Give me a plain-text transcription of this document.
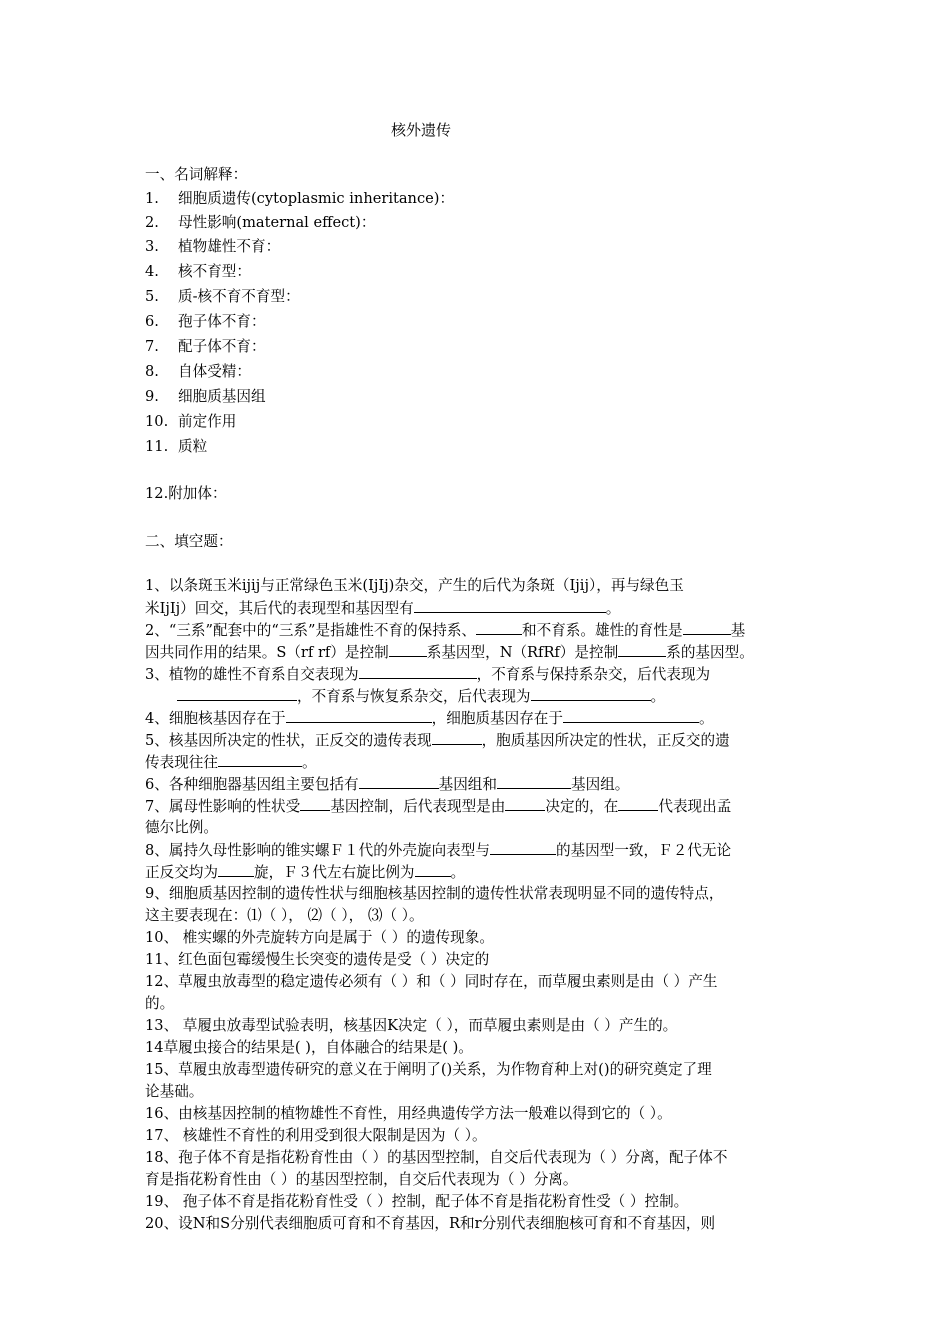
核外遗传
一、名词解释：
1. 细胞质遗传(cytoplasmic inheritance)：
2. 母性影响(maternal effect)：
3. 植物雄性不育：
4. 核不育型：
5. 质-核不育不育型：
6. 孢子体不育：
7. 配子体不育：
8. 自体受精：
9. 细胞质基因组
10. 前定作用
11. 质粒
12.附加体：
二、填空题：
1、以条斑玉米ijij与正常绿色玉米(IjIj)杂交，产生的后代为条斑（Ijij），再与绿色玉
米IjIj）回交，其后代的表现型和基因型有	。
2、“三系”配套中的“三系”是指雄性不育的保持系、	和不育系。雄性的育性是	基
因共同作用的结果。S（rf rf）是控制	系基因型，N（RfRf）是控制	系的基因型。
3、植物的雄性不育系自交表现为	，不育系与保持系杂交，后代表现为
，不育系与恢复系杂交，后代表现为	。
4、细胞核基因存在于	，细胞质基因存在于	。
5、核基因所决定的性状，正反交的遗传表现	，胞质基因所决定的性状，正反交的遗
传表现往往	。
6、各种细胞器基因组主要包括有	基因组和	基因组。
7、属母性影响的性状受 基因控制，后代表现型是由	决定的，在	代表现出孟
德尔比例。
8、属持久母性影响的锥实螺Ｆ１代的外壳旋向表型与	的基因型一致，Ｆ２代无论
正反交均为 旋，Ｆ３代左右旋比例为 。
9、细胞质基因控制的遗传性状与细胞核基因控制的遗传性状常表现明显不同的遗传特点，
这主要表现在：⑴（ ）， ⑵（ ）， ⑶（ ）。
10、 椎实螺的外壳旋转方向是属于（ ）的遗传现象。
11、红色面包霉缓慢生长突变的遗传是受（ ）决定的
12、草履虫放毒型的稳定遗传必须有（ ）和（ ）同时存在，而草履虫素则是由（ ）产生
的。
13、 草履虫放毒型试验表明，核基因K决定（ ），而草履虫素则是由（ ）产生的。
14草履虫接合的结果是( )，自体融合的结果是( )。
15、草履虫放毒型遗传研究的意义在于阐明了()关系，为作物育种上对()的研究奠定了理
论基础。
16、由核基因控制的植物雄性不育性，用经典遗传学方法一般难以得到它的（ ）。
17、 核雄性不育性的利用受到很大限制是因为（ ）。
18、孢子体不育是指花粉育性由（ ）的基因型控制，自交后代表现为（ ）分离，配子体不
育是指花粉育性由（ ）的基因型控制，自交后代表现为（ ）分离。
19、 孢子体不育是指花粉育性受（ ）控制，配子体不育是指花粉育性受（ ）控制。
20、设N和S分别代表细胞质可育和不育基因，R和r分别代表细胞核可育和不育基因，则
